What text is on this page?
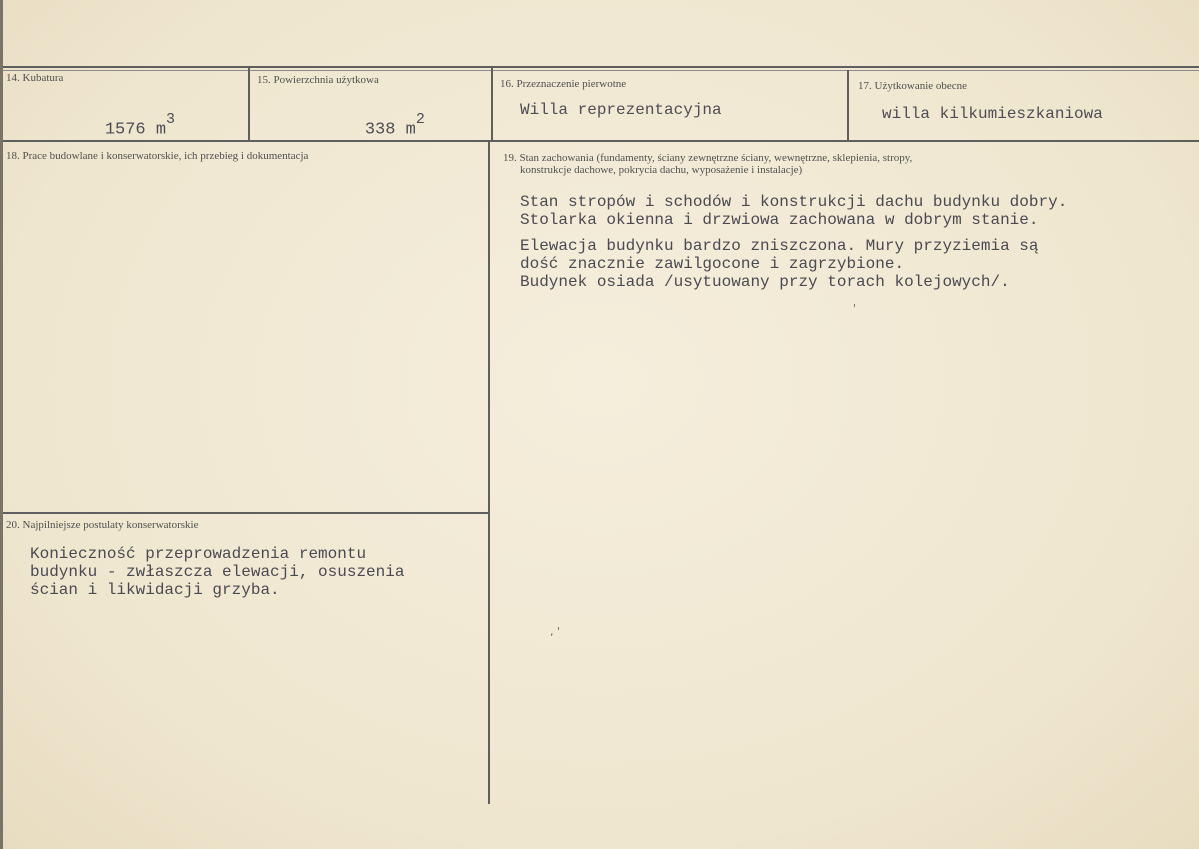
14. Kubatura

1576 $m^3$

15. Powierzchnia użytkowa

338 $m^2$

16. Przeznaczenie pierwotne
Willa reprezentacyjna
17. Użytkowanie obecne
willa kilkumieszkaniowa
18. Prace budowlane i konserwatorskie, ich przebieg i dokumentacja	19. Stan zachowania (fundamenty, ściany zewnętrzne ściany, wewnętrzne, sklepienia, stropy,
konstrukcje dachowe, pokrycia dachu, wyposażenie i instalacje)
Stan stropów i schodów i konstrukcji dachu budynku dobry.
Stolarka okienna i drzwiowa zachowana w dobrym stanie.
Elewacja budynku bardzo zniszczona. Mury przyziemia są
dość znacznie zawilgocone i zagrzybione.
Budynek osiada /usytuowany przy torach kolejowych/.
20. Najpilniejsze postulaty konserwatorskie
Konieczność przeprowadzenia remontu
budynku - zwłaszcza elewacji, osuszenia
ścian i likwidacji grzyba.
'
, '
